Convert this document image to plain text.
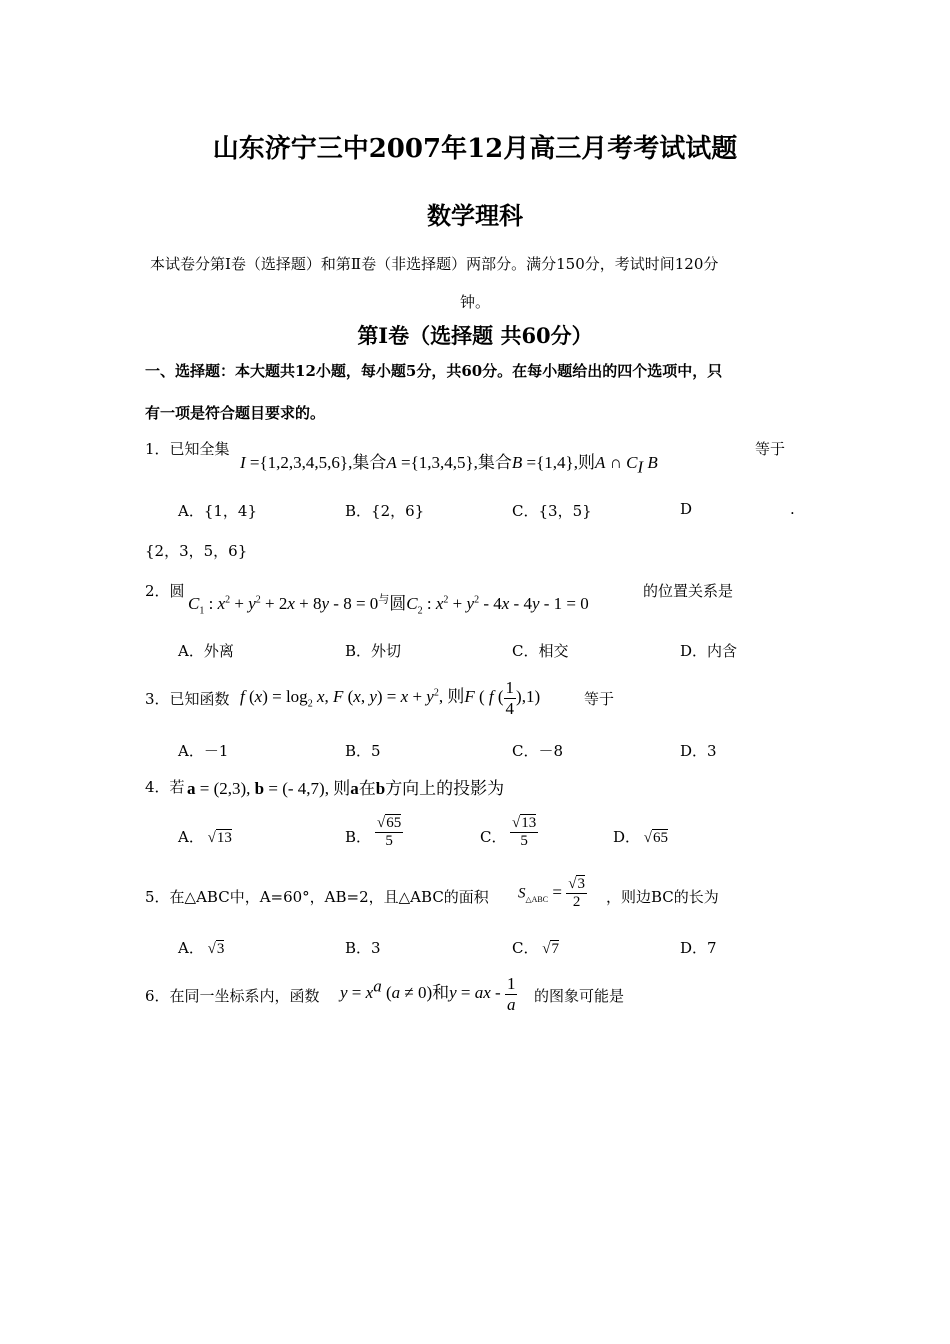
山东济宁三中2007年12月高三月考考试试题
数学理科
本试卷分第Ⅰ卷（选择题）和第Ⅱ卷（非选择题）两部分。满分150分，考试时间120分
钟。
第Ⅰ卷（选择题 共60分）
一、选择题：本大题共12小题，每小题5分，共60分。在每小题给出的四个选项中，只
有一项是符合题目要求的。
1．已知全集
I ={1,2,3,4,5,6},集合A ={1,3,4,5},集合B ={1,4},则A ∩ $C_I$ B
等于
A．{1，4}	B．{2，6}	C．{3，5}	D	.
{2，3，5，6}
2．圆
$C_1$ : $x^2 + y^2 + 2x + 8y - 8 = 0^与$圆$C_2$ : $x^2 + y^2 - 4x - 4y - 1 = 0$
的位置关系是
A．外离	B．外切	C．相交	D．内含
3．已知函数 f $(x) = \log_2 x$, F (x, $y) = x + y^2$, 则F ( f ( $\frac{1}{4} ),1$)	等于
A．－1	B．5	C．－8	D．3
4．若 a = (2,3), b = (- 4,7), 则a在b方向上的投影为
A． √13	B．
√65
5	C．
√13
5	D． √65
5．在△ABC中，A=60°，AB=2，且△ABC的面积 $S_{\triangle ABC} = \frac{√3}{2}$ ，则边BC的长为
A． √3	B．3	C． √7	D．7
6．在同一坐标系内，函数 $y = x^a$ (a ≠ 0)和y = ax - $\frac{1}{a}$ 的图象可能是
